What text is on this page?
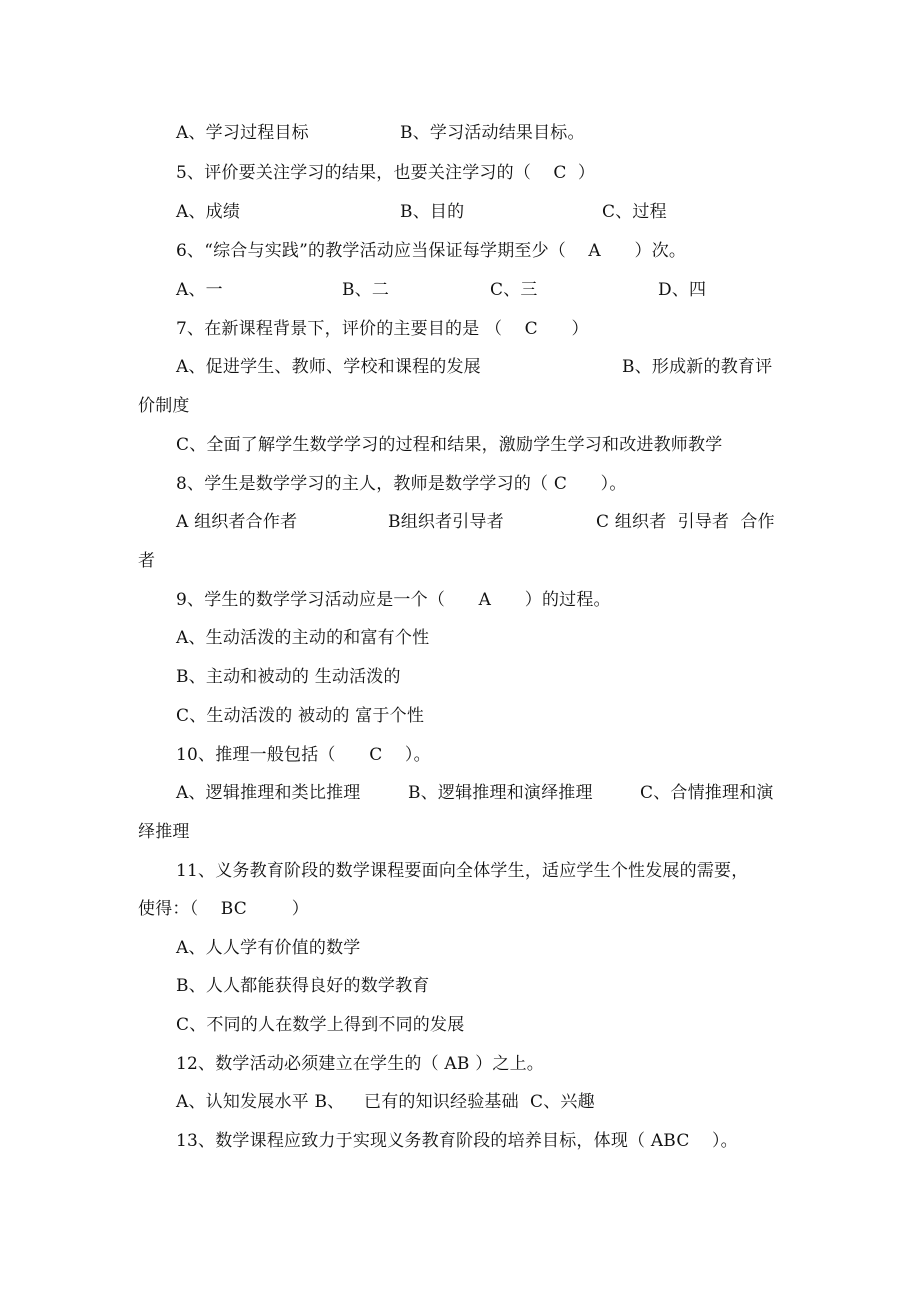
A、学习过程目标

	B、学习活动结果目标。

5、评价要关注学习的结果，也要关注学习的（    C  ）

A、成绩

	B、目的

	C、过程

6、“综合与实践”的教学活动应当保证每学期至少（    A      ）次。

A、一

	B、二

	C、三

	D、四

7、在新课程背景下，评价的主要目的是 （    C      ）

A、促进学生、教师、学校和课程的发展

	B、形成新的教育评

价制度
C、全面了解学生数学学习的过程和结果，激励学生学习和改进教师教学
8、学生是数学学习的主人，教师是数学学习的（ C      ）。

A 组织者合作者

	B组织者引导者

	C 组织者  引导者  合作

者
9、学生的数学学习活动应是一个（      A      ）的过程。
A、生动活泼的主动的和富有个性
B、主动和被动的 生动活泼的
C、生动活泼的 被动的 富于个性
10、推理一般包括（      C    ）。

A、逻辑推理和类比推理

	B、逻辑推理和演绎推理

	C、合情推理和演

绎推理
11、义务教育阶段的数学课程要面向全体学生，适应学生个性发展的需要，
使得：（    BC        ）
A、人人学有价值的数学
B、人人都能获得良好的数学教育
C、不同的人在数学上得到不同的发展
12、数学活动必须建立在学生的（ AB ）之上。

A、认知发展水平 B、

已有的知识经验基础

C、兴趣

13、数学课程应致力于实现义务教育阶段的培养目标，体现（ ABC    ）。
